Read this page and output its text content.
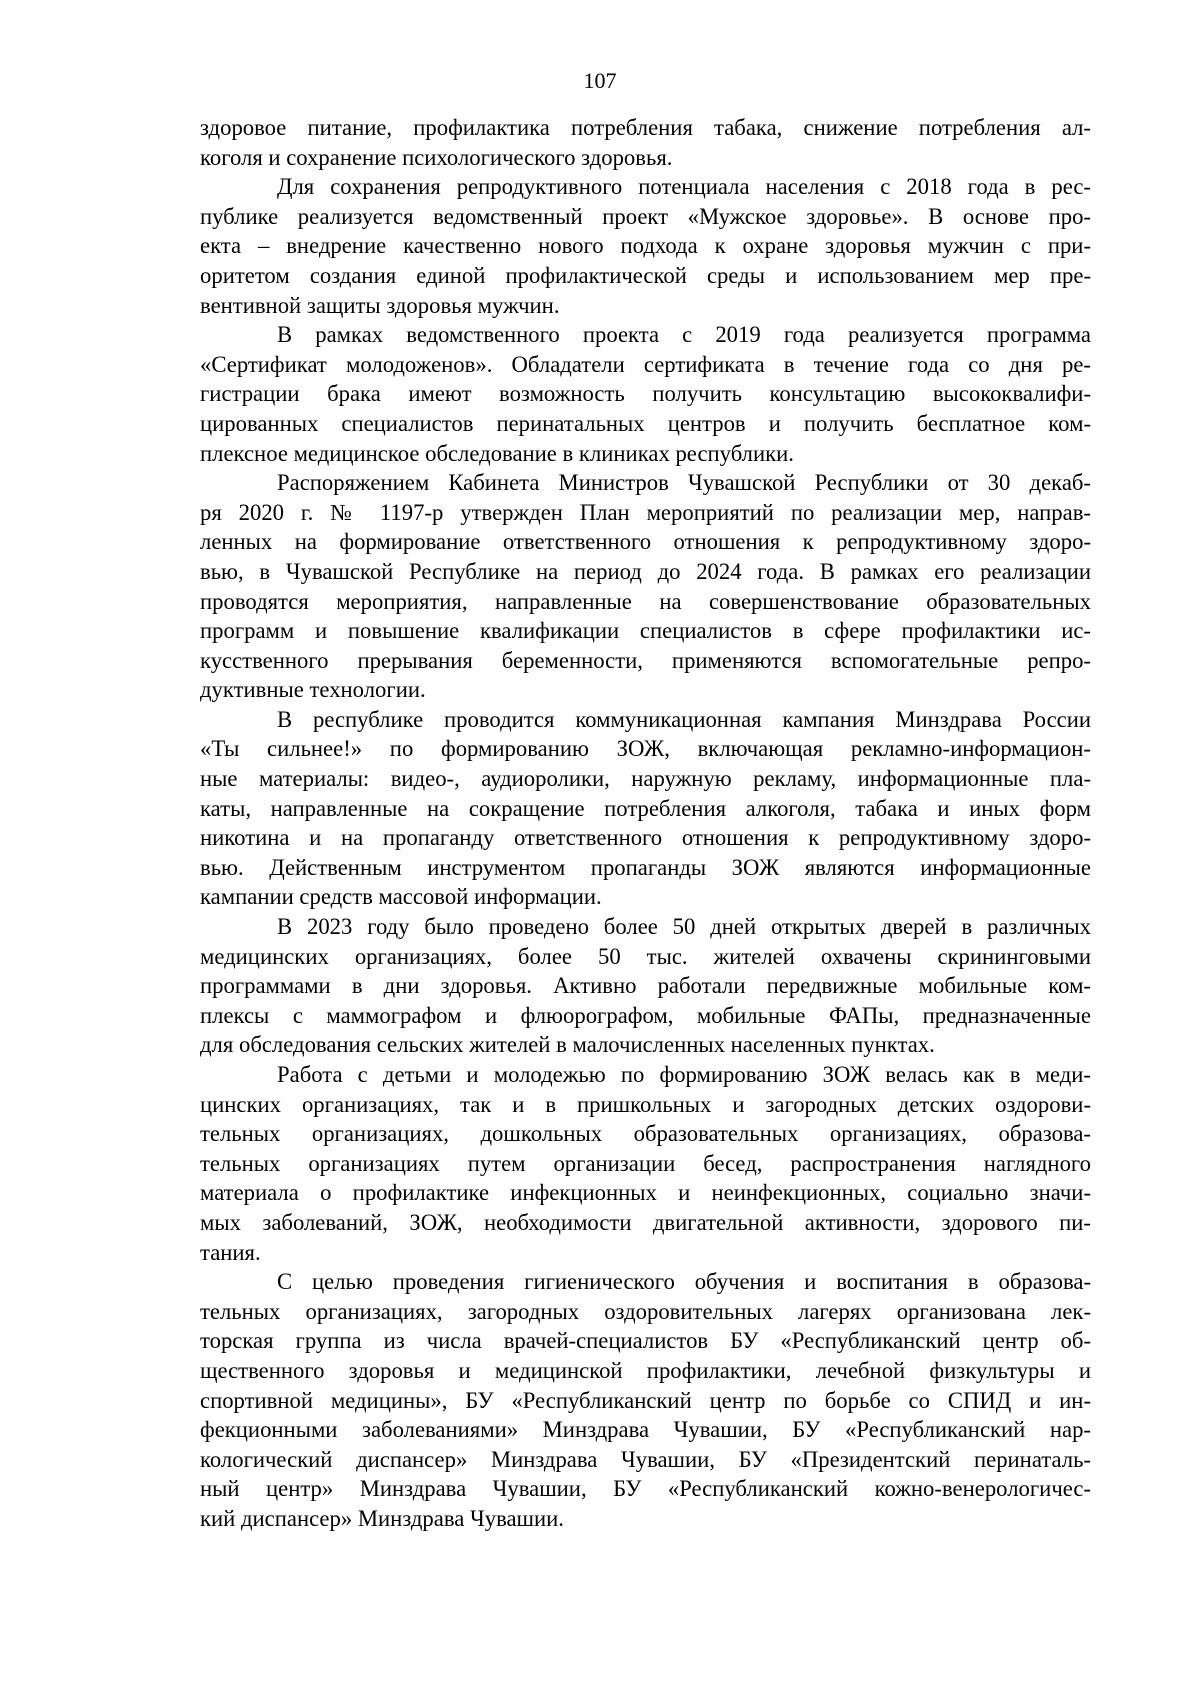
107
здоровое питание, профилактика потребления табака, снижение потребления ал-
коголя и сохранение психологического здоровья.
Для сохранения репродуктивного потенциала населения с 2018 года в рес-
публике реализуется ведомственный проект «Мужское здоровье». В основе про-
екта – внедрение качественно нового подхода к охране здоровья мужчин с при-
оритетом создания единой профилактической среды и использованием мер пре-
вентивной защиты здоровья мужчин.
В рамках ведомственного проекта с 2019 года реализуется программа
«Сертификат молодоженов». Обладатели сертификата в течение года со дня ре-
гистрации брака имеют возможность получить консультацию высококвалифи-
цированных специалистов перинатальных центров и получить бесплатное ком-
плексное медицинское обследование в клиниках республики.
Распоряжением Кабинета Министров Чувашской Республики от 30 декаб-
ря 2020 г. № 1197-р утвержден План мероприятий по реализации мер, направ-
ленных на формирование ответственного отношения к репродуктивному здоро-
вью, в Чувашской Республике на период до 2024 года. В рамках его реализации
проводятся мероприятия, направленные на совершенствование образовательных
программ и повышение квалификации специалистов в сфере профилактики ис-
кусственного прерывания беременности, применяются вспомогательные репро-
дуктивные технологии.
В республике проводится коммуникационная кампания Минздрава России
«Ты сильнее!» по формированию ЗОЖ, включающая рекламно-информацион-
ные материалы: видео-, аудиоролики, наружную рекламу, информационные пла-
каты, направленные на сокращение потребления алкоголя, табака и иных форм
никотина и на пропаганду ответственного отношения к репродуктивному здоро-
вью. Действенным инструментом пропаганды ЗОЖ являются информационные
кампании средств массовой информации.
В 2023 году было проведено более 50 дней открытых дверей в различных
медицинских организациях, более 50 тыс. жителей охвачены скрининговыми
программами в дни здоровья. Активно работали передвижные мобильные ком-
плексы с маммографом и флюорографом, мобильные ФАПы, предназначенные
для обследования сельских жителей в малочисленных населенных пунктах.
Работа с детьми и молодежью по формированию ЗОЖ велась как в меди-
цинских организациях, так и в пришкольных и загородных детских оздорови-
тельных организациях, дошкольных образовательных организациях, образова-
тельных организациях путем организации бесед, распространения наглядного
материала о профилактике инфекционных и неинфекционных, социально значи-
мых заболеваний, ЗОЖ, необходимости двигательной активности, здорового пи-
тания.
С целью проведения гигиенического обучения и воспитания в образова-
тельных организациях, загородных оздоровительных лагерях организована лек-
торская группа из числа врачей-специалистов БУ «Республиканский центр об-
щественного здоровья и медицинской профилактики, лечебной физкультуры и
спортивной медицины», БУ «Республиканский центр по борьбе со СПИД и ин-
фекционными заболеваниями» Минздрава Чувашии, БУ «Республиканский нар-
кологический диспансер» Минздрава Чувашии, БУ «Президентский перинаталь-
ный центр» Минздрава Чувашии, БУ «Республиканский кожно-венерологичес-
кий диспансер» Минздрава Чувашии.
